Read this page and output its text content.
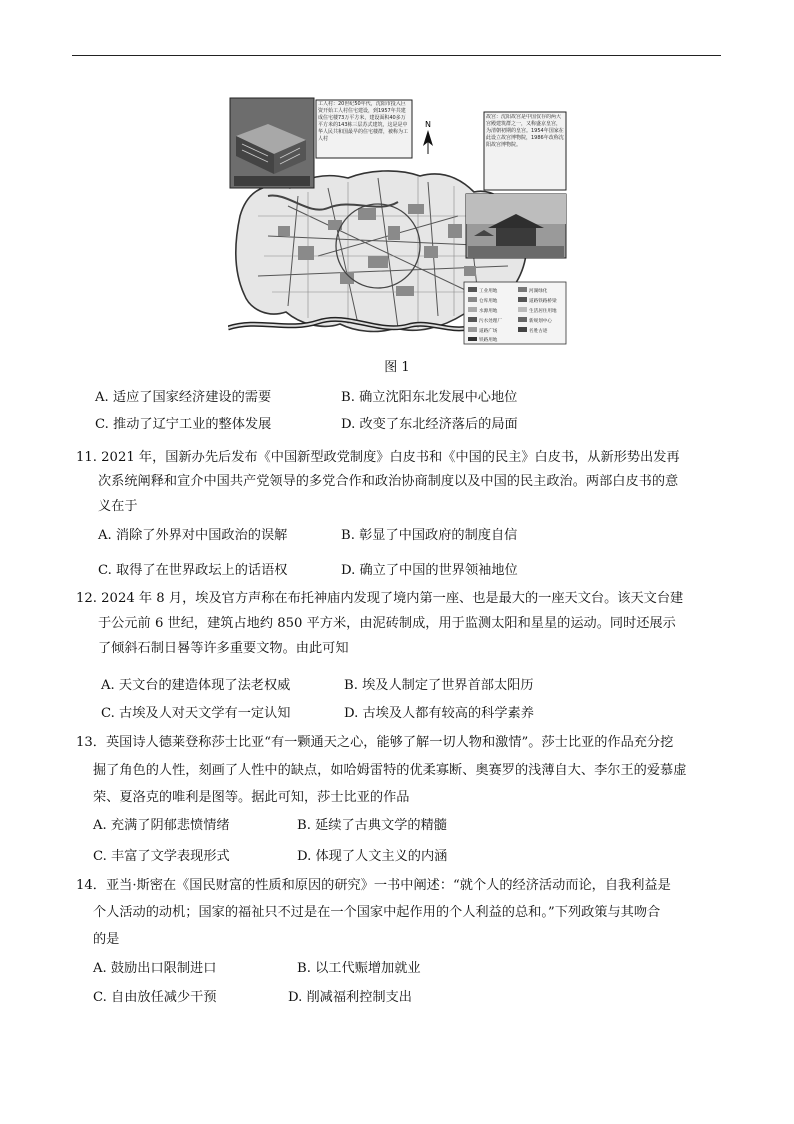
工人村：20世纪50年代，沈阳市投入巨资开始工人村住宅建设，到1957年共建成住宅楼73万平方米，建设面积40多万平方米的143栋三层苏式建筑，这是是中华人民共和国最早的住宅楼群，被称为工人村
N
故宫：沈阳故宫是中国仅存的两大宫殿建筑群之一，又称盛京皇宫，为清朝初期的皇宫。1954年国家在此设立故宫博物院，1986年改称沈阳故宫博物院。
工业用地
仓库用地
水源用地
污水处理厂
道路广场
铁路用地
河湖绿化
道路铁路桥梁
生活居住用地
新规划中心
名胜古迹
图 1
A. 适应了国家经济建设的需要	B. 确立沈阳东北发展中心地位
C. 推动了辽宁工业的整体发展	D. 改变了东北经济落后的局面
11. 2021 年，国新办先后发布《中国新型政党制度》白皮书和《中国的民主》白皮书，从新形势出发再
次系统阐释和宣介中国共产党领导的多党合作和政治协商制度以及中国的民主政治。两部白皮书的意
义在于
A. 消除了外界对中国政治的误解	B. 彰显了中国政府的制度自信
C. 取得了在世界政坛上的话语权	D. 确立了中国的世界领袖地位
12. 2024 年 8 月，埃及官方声称在布托神庙内发现了境内第一座、也是最大的一座天文台。该天文台建
于公元前 6 世纪，建筑占地约 850 平方米，由泥砖制成，用于监测太阳和星星的运动。同时还展示
了倾斜石制日晷等许多重要文物。由此可知
A. 天文台的建造体现了法老权威	B. 埃及人制定了世界首部太阳历
C. 古埃及人对天文学有一定认知	D. 古埃及人都有较高的科学素养
13．英国诗人德莱登称莎士比亚“有一颗通天之心，能够了解一切人物和激情”。莎士比亚的作品充分挖
掘了角色的人性，刻画了人性中的缺点，如哈姆雷特的优柔寡断、奥赛罗的浅薄自大、李尔王的爱慕虚
荣、夏洛克的唯利是图等。据此可知，莎士比亚的作品
A. 充满了阴郁悲愤情绪	B. 延续了古典文学的精髓
C. 丰富了文学表现形式	D. 体现了人文主义的内涵
14．亚当·斯密在《国民财富的性质和原因的研究》一书中阐述：“就个人的经济活动而论，自我利益是
个人活动的动机；国家的福祉只不过是在一个国家中起作用的个人利益的总和。”下列政策与其吻合
的是
A. 鼓励出口限制进口	B. 以工代赈增加就业
C. 自由放任减少干预	D. 削减福利控制支出
